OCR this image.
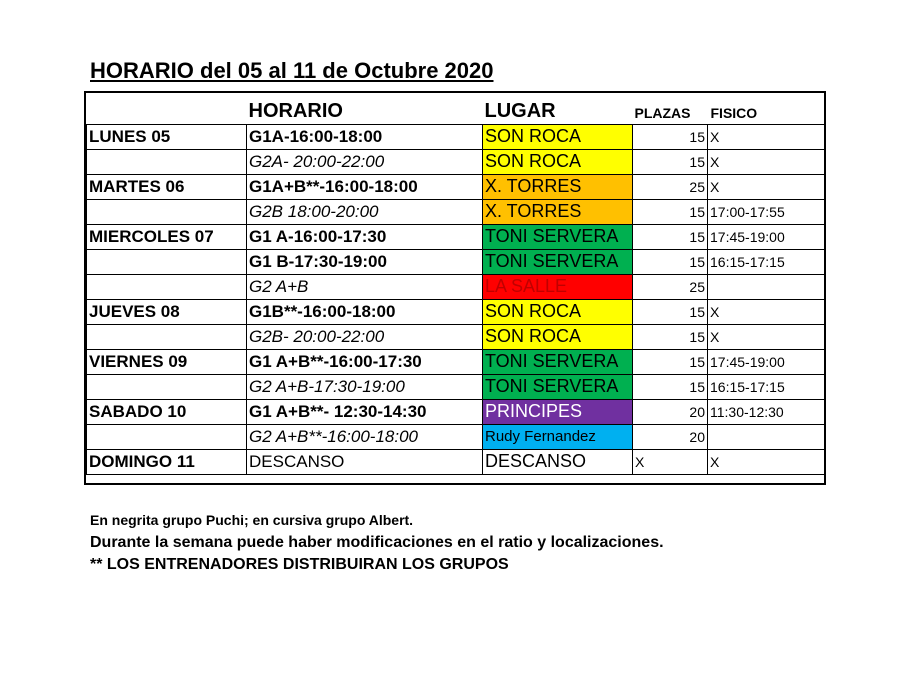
HORARIO del 05 al 11 de Octubre 2020
	HORARIO	LUGAR	PLAZAS	FISICO
LUNES 05	G1A-16:00-18:00	SON ROCA	15	X
	G2A- 20:00-22:00	SON ROCA	15	X
MARTES 06	G1A+B**-16:00-18:00	X. TORRES	25	X
	G2B 18:00-20:00	X. TORRES	15	17:00-17:55
MIERCOLES 07	G1 A-16:00-17:30	TONI SERVERA	15	17:45-19:00
	G1 B-17:30-19:00	TONI SERVERA	15	16:15-17:15
	G2 A+B	LA SALLE	25	
JUEVES 08	G1B**-16:00-18:00	SON ROCA	15	X
	G2B- 20:00-22:00	SON ROCA	15	X
VIERNES 09	G1 A+B**-16:00-17:30	TONI SERVERA	15	17:45-19:00
	G2 A+B-17:30-19:00	TONI SERVERA	15	16:15-17:15
SABADO 10	G1 A+B**- 12:30-14:30	PRINCIPES	20	11:30-12:30
	G2 A+B**-16:00-18:00	Rudy Fernandez	20	
DOMINGO 11	DESCANSO	DESCANSO	X	X
En negrita grupo Puchi; en cursiva grupo Albert.
Durante la semana puede haber modificaciones en el ratio y localizaciones.
** LOS ENTRENADORES DISTRIBUIRAN LOS GRUPOS
